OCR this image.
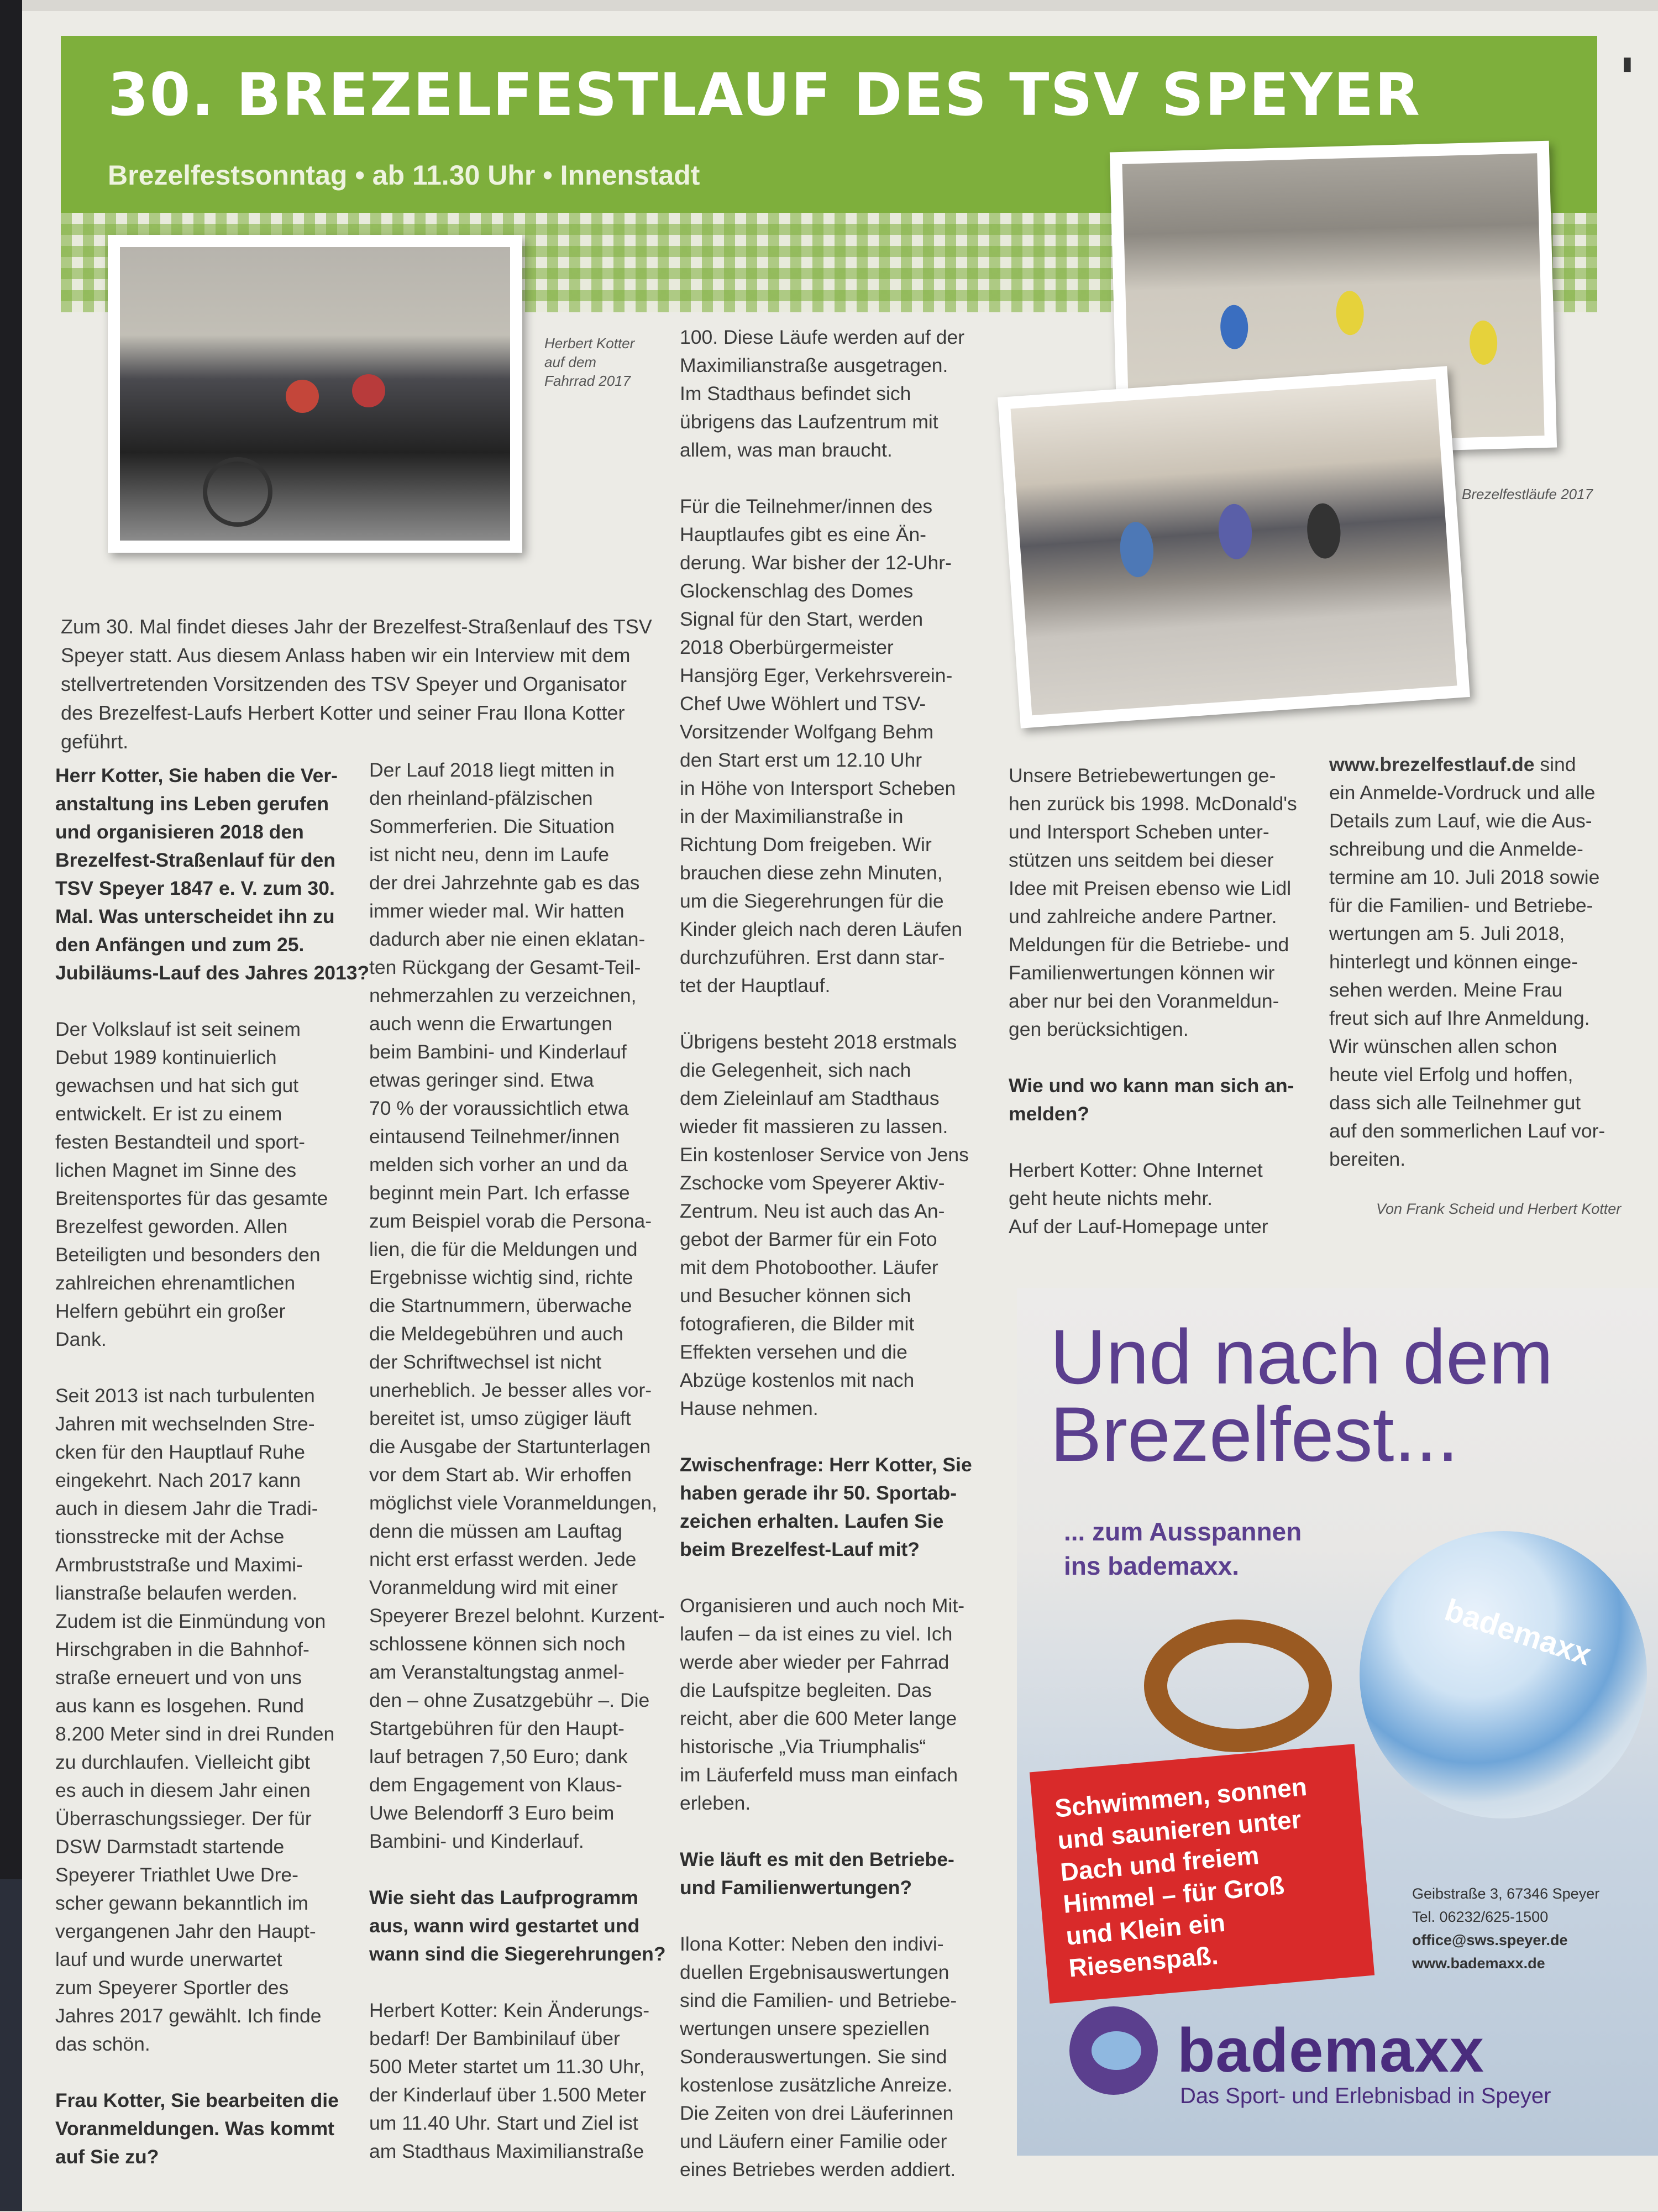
30. BREZELFESTLAUF DES TSV SPEYER
Brezelfestsonntag • ab 11.30 Uhr • Innenstadt
▮
Herbert Kotter
auf dem
Fahrrad 2017
Brezelfestläufe 2017

Zum 30. Mal findet dieses Jahr der Brezelfest-Straßenlauf des TSV
Speyer statt. Aus diesem Anlass haben wir ein Interview mit dem
stellvertretenden Vorsitzenden des TSV Speyer und Organisator
des Brezelfest-Laufs Herbert Kotter und seiner Frau Ilona Kotter
geführt.

Herr Kotter, Sie haben die Ver-
anstaltung ins Leben gerufen
und organisieren 2018 den
Brezelfest-Straßenlauf für den
TSV Speyer 1847 e. V. zum 30.
Mal. Was unterscheidet ihn zu
den Anfängen und zum 25.
Jubiläums-Lauf des Jahres 2013?

Der Volkslauf ist seit seinem
Debut 1989 kontinuierlich
gewachsen und hat sich gut
entwickelt. Er ist zu einem
festen Bestandteil und sport-
lichen Magnet im Sinne des
Breitensportes für das gesamte
Brezelfest geworden. Allen
Beteiligten und besonders den
zahlreichen ehrenamtlichen
Helfern gebührt ein großer
Dank.

Seit 2013 ist nach turbulenten
Jahren mit wechselnden Stre-
cken für den Hauptlauf Ruhe
eingekehrt. Nach 2017 kann
auch in diesem Jahr die Tradi-
tionsstrecke mit der Achse
Armbruststraße und Maximi-
lianstraße belaufen werden.
Zudem ist die Einmündung von
Hirschgraben in die Bahnhof-
straße erneuert und von uns
aus kann es losgehen. Rund
8.200 Meter sind in drei Runden
zu durchlaufen. Vielleicht gibt
es auch in diesem Jahr einen
Überraschungssieger. Der für
DSW Darmstadt startende
Speyerer Triathlet Uwe Dre-
scher gewann bekanntlich im
vergangenen Jahr den Haupt-
lauf und wurde unerwartet
zum Speyerer Sportler des
Jahres 2017 gewählt. Ich finde
das schön.

Frau Kotter, Sie bearbeiten die
Voranmeldungen. Was kommt
auf Sie zu?

Der Lauf 2018 liegt mitten in
den rheinland-pfälzischen
Sommerferien. Die Situation
ist nicht neu, denn im Laufe
der drei Jahrzehnte gab es das
immer wieder mal. Wir hatten
dadurch aber nie einen eklatan-
ten Rückgang der Gesamt-Teil-
nehmerzahlen zu verzeichnen,
auch wenn die Erwartungen
beim Bambini- und Kinderlauf
etwas geringer sind. Etwa
70 % der voraussichtlich etwa
eintausend Teilnehmer/innen
melden sich vorher an und da
beginnt mein Part. Ich erfasse
zum Beispiel vorab die Persona-
lien, die für die Meldungen und
Ergebnisse wichtig sind, richte
die Startnummern, überwache
die Meldegebühren und auch
der Schriftwechsel ist nicht
unerheblich. Je besser alles vor-
bereitet ist, umso zügiger läuft
die Ausgabe der Startunterlagen
vor dem Start ab. Wir erhoffen
möglichst viele Voranmeldungen,
denn die müssen am Lauftag
nicht erst erfasst werden. Jede
Voranmeldung wird mit einer
Speyerer Brezel belohnt. Kurzent-
schlossene können sich noch
am Veranstaltungstag anmel-
den – ohne Zusatzgebühr –. Die
Startgebühren für den Haupt-
lauf betragen 7,50 Euro; dank
dem Engagement von Klaus-
Uwe Belendorff 3 Euro beim
Bambini- und Kinderlauf.

Wie sieht das Laufprogramm
aus, wann wird gestartet und
wann sind die Siegerehrungen?

Herbert Kotter: Kein Änderungs-
bedarf! Der Bambinilauf über
500 Meter startet um 11.30 Uhr,
der Kinderlauf über 1.500 Meter
um 11.40 Uhr. Start und Ziel ist
am Stadthaus Maximilianstraße

100. Diese Läufe werden auf der
Maximilianstraße ausgetragen.
Im Stadthaus befindet sich
übrigens das Laufzentrum mit
allem, was man braucht.

Für die Teilnehmer/innen des
Hauptlaufes gibt es eine Än-
derung. War bisher der 12-Uhr-
Glockenschlag des Domes
Signal für den Start, werden
2018 Oberbürgermeister
Hansjörg Eger, Verkehrsverein-
Chef Uwe Wöhlert und TSV-
Vorsitzender Wolfgang Behm
den Start erst um 12.10 Uhr
in Höhe von Intersport Scheben
in der Maximilianstraße in
Richtung Dom freigeben. Wir
brauchen diese zehn Minuten,
um die Siegerehrungen für die
Kinder gleich nach deren Läufen
durchzuführen. Erst dann star-
tet der Hauptlauf.

Übrigens besteht 2018 erstmals
die Gelegenheit, sich nach
dem Zieleinlauf am Stadthaus
wieder fit massieren zu lassen.
Ein kostenloser Service von Jens
Zschocke vom Speyerer Aktiv-
Zentrum. Neu ist auch das An-
gebot der Barmer für ein Foto
mit dem Photoboother. Läufer
und Besucher können sich
fotografieren, die Bilder mit
Effekten versehen und die
Abzüge kostenlos mit nach
Hause nehmen.

Zwischenfrage: Herr Kotter, Sie
haben gerade ihr 50. Sportab-
zeichen erhalten. Laufen Sie
beim Brezelfest-Lauf mit?

Organisieren und auch noch Mit-
laufen – da ist eines zu viel. Ich
werde aber wieder per Fahrrad
die Laufspitze begleiten. Das
reicht, aber die 600 Meter lange
historische „Via Triumphalis“
im Läuferfeld muss man einfach
erleben.

Wie läuft es mit den Betriebe-
und Familienwertungen?

Ilona Kotter: Neben den indivi-
duellen Ergebnisauswertungen
sind die Familien- und Betriebe-
wertungen unsere speziellen
Sonderauswertungen. Sie sind
kostenlose zusätzliche Anreize.
Die Zeiten von drei Läuferinnen
und Läufern einer Familie oder
eines Betriebes werden addiert.

Unsere Betriebewertungen ge-
hen zurück bis 1998. McDonald's
und Intersport Scheben unter-
stützen uns seitdem bei dieser
Idee mit Preisen ebenso wie Lidl
und zahlreiche andere Partner.
Meldungen für die Betriebe- und
Familienwertungen können wir
aber nur bei den Voranmeldun-
gen berücksichtigen.

Wie und wo kann man sich an-
melden?

Herbert Kotter: Ohne Internet
geht heute nichts mehr.
Auf der Lauf-Homepage unter

www.brezelfestlauf.de sind
ein Anmelde-Vordruck und alle
Details zum Lauf, wie die Aus-
schreibung und die Anmelde-
termine am 10. Juli 2018 sowie
für die Familien- und Betriebe-
wertungen am 5. Juli 2018,
hinterlegt und können einge-
sehen werden. Meine Frau
freut sich auf Ihre Anmeldung.
Wir wünschen allen schon
heute viel Erfolg und hoffen,
dass sich alle Teilnehmer gut
auf den sommerlichen Lauf vor-
bereiten.

Von Frank Scheid und Herbert Kotter
Und nach dem
Brezelfest...
... zum Ausspannen
ins bademaxx.
bademaxx
Schwimmen, sonnen
und saunieren unter
Dach und freiem
Himmel – für Groß
und Klein ein
Riesenspaß.
Geibstraße 3, 67346 Speyer
Tel. 06232/625-1500
office@sws.speyer.de
www.bademaxx.de
bademaxx
Das Sport- und Erlebnisbad in Speyer
